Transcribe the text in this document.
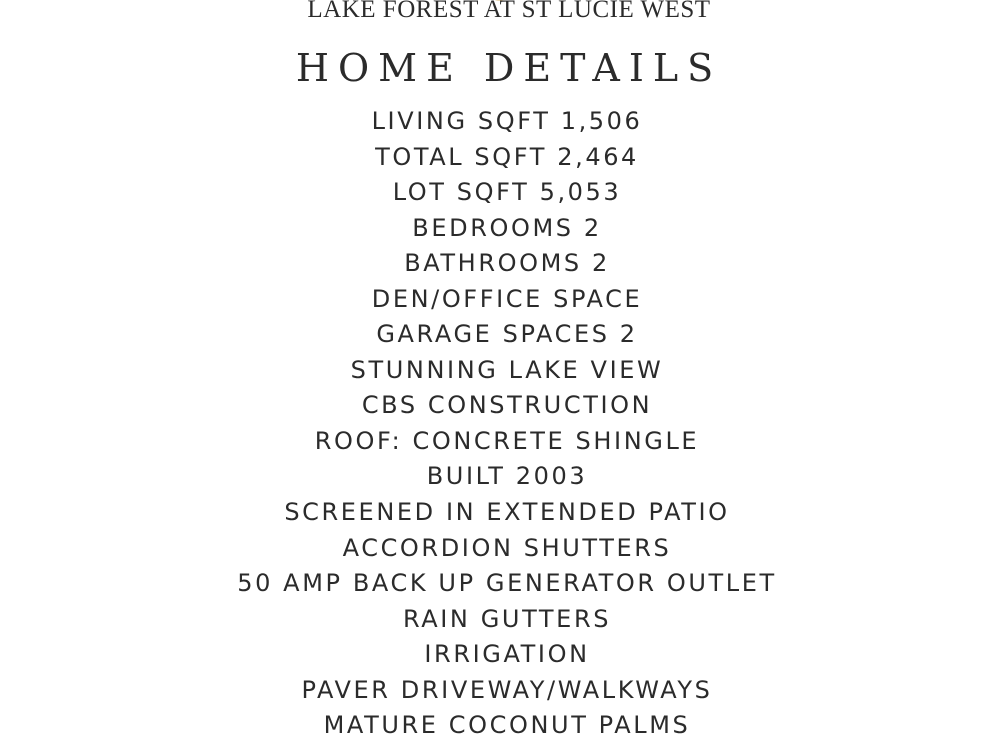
LAKE FOREST AT ST LUCIE WEST
HOME DETAILS
LIVING SQFT 1,506
TOTAL SQFT 2,464
LOT SQFT 5,053
BEDROOMS 2
BATHROOMS 2
DEN/OFFICE SPACE
GARAGE SPACES 2
STUNNING LAKE VIEW
CBS CONSTRUCTION
ROOF: CONCRETE SHINGLE
BUILT 2003
SCREENED IN EXTENDED PATIO
ACCORDION SHUTTERS
50 AMP BACK UP GENERATOR OUTLET
RAIN GUTTERS
IRRIGATION
PAVER DRIVEWAY/WALKWAYS
MATURE COCONUT PALMS
